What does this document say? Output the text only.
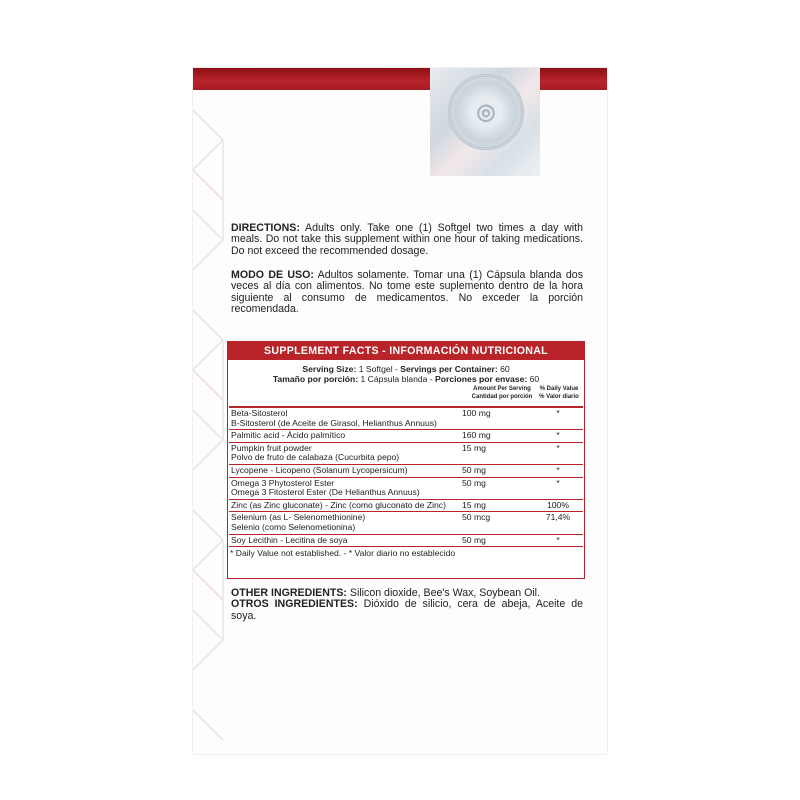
◎
DIRECTIONS: Adults only. Take one (1) Softgel two times a day with meals. Do not take this supplement within one hour of taking medications. Do not exceed the recommended dosage.
MODO DE USO: Adultos solamente. Tomar una (1) Cápsula blanda dos veces al día con alimentos. No tome este suplemento dentro de la hora siguiente al consumo de medicamentos. No exceder la porción recomendada.
SUPPLEMENT FACTS - INFORMACIÓN NUTRICIONAL
Serving Size: 1 Softgel - Servings per Container: 60
Tamaño por porción: 1 Cápsula blanda - Porciones por envase: 60
Amount Per Serving
Cantidad por porción
% Daily Value
% Valor diario
Beta-Sitosterol
B-Sitosterol (de Aceite de Girasol, Helianthus Annuus)
100 mg	*
Palmitic acid - Ácido palmítico	160 mg	*
Pumpkin fruit powder
Polvo de fruto de calabaza (Cucurbita pepo)
15 mg	*
Lycopene - Licopeno (Solanum Lycopersicum)	50 mg	*
Omega 3 Phytosterol Ester
Omega 3 Fitosterol Ester (De Helianthus Annuus)
50 mg	*
Zinc (as Zinc gluconate) - Zinc (como gluconato de Zinc)	15 mg	100%
Selenium (as L- Selenomethionine)
Selenio (como Selenometionina)
50 mcg	71,4%
Soy Lecithin - Lecitina de soya	50 mg	*
* Daily Value not established. - * Valor diario no establecido
OTHER INGREDIENTS: Silicon dioxide, Bee's Wax, Soybean Oil.
OTROS INGREDIENTES: Dióxido de silicio, cera de abeja, Aceite de soya.
